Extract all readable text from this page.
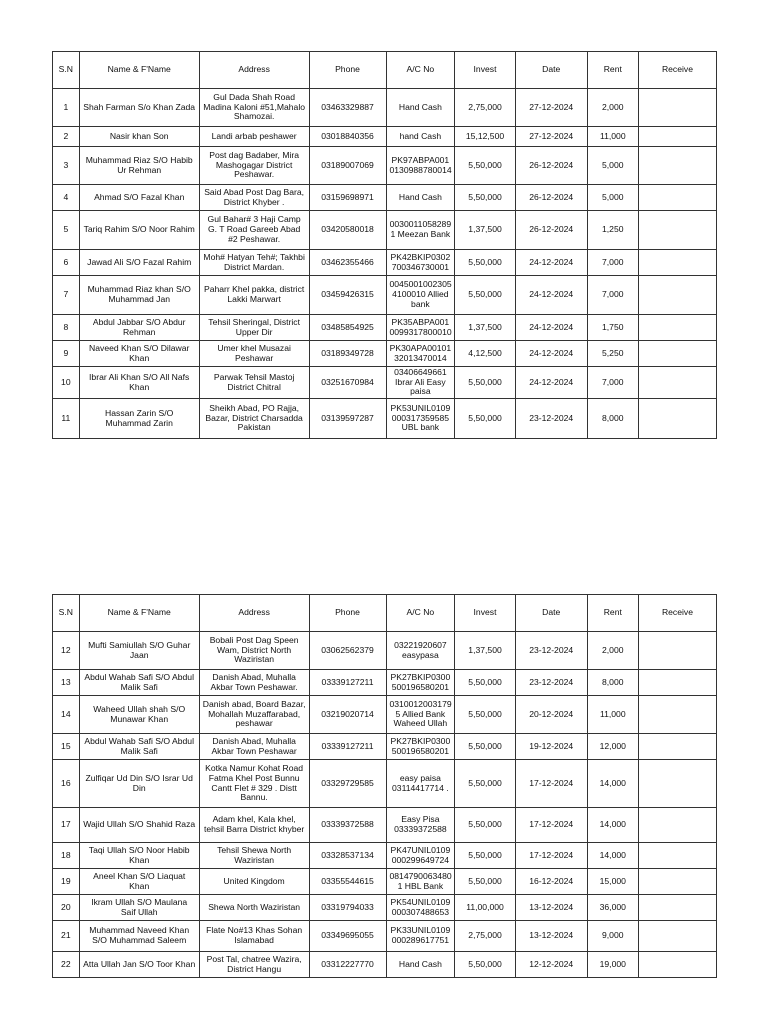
S.N	Name & F'Name	Address	Phone	A/C No	Invest	Date	Rent	Receive
1	Shah Farman S/o Khan Zada	Gul Dada Shah Road Madina Kaloni #51,Mahalo Shamozai.	03463329887	Hand Cash	2,75,000	27-12-2024	2,000	
2	Nasir khan Son	Landi arbab peshawer	03018840356	hand Cash	15,12,500	27-12-2024	11,000	
3	Muhammad Riaz S/O Habib Ur Rehman	Post dag Badaber, Mira Mashogagar District Peshawar.	03189007069	PK97ABPA001 0130988780014	5,50,000	26-12-2024	5,000	
4	Ahmad S/O Fazal Khan	Said Abad Post Dag Bara, District Khyber .	03159698971	Hand Cash	5,50,000	26-12-2024	5,000	
5	Tariq Rahim S/O Noor Rahim	Gul Bahar# 3 Haji Camp G. T Road Gareeb Abad #2 Peshawar.	03420580018	0030011058289 1 Meezan Bank	1,37,500	26-12-2024	1,250	
6	Jawad Ali S/O Fazal Rahim	Moh# Hatyan Teh#; Takhbi District Mardan.	03462355466	PK42BKIP0302 700346730001	5,50,000	24-12-2024	7,000	
7	Muhammad Riaz khan S/O Muhammad Jan	Paharr Khel pakka, district Lakki Marwart	03459426315	0045001002305 4100010 Allied bank	5,50,000	24-12-2024	7,000	
8	Abdul Jabbar S/O Abdur Rehman	Tehsil Sheringal, District Upper Dir	03485854925	PK35ABPA001 0099317800010	1,37,500	24-12-2024	1,750	
9	Naveed Khan S/O Dilawar Khan	Umer khel Musazai Peshawar	03189349728	PK30APA00101 32013470014	4,12,500	24-12-2024	5,250	
10	Ibrar Ali Khan S/O All Nafs Khan	Parwak Tehsil Mastoj District Chitral	03251670984	03406649661 Ibrar Ali Easy paisa	5,50,000	24-12-2024	7,000	
11	Hassan Zarin S/O Muhammad Zarin	Sheikh Abad, PO Rajja, Bazar, District Charsadda Pakistan	03139597287	PK53UNIL0109 000317359585 UBL bank	5,50,000	23-12-2024	8,000	
S.N	Name & F'Name	Address	Phone	A/C No	Invest	Date	Rent	Receive
12	Mufti Samiullah S/O Guhar Jaan	Bobali Post Dag Speen Wam, District North Waziristan	03062562379	03221920607 easypasa	1,37,500	23-12-2024	2,000	
13	Abdul Wahab Safi S/O Abdul Malik Safi	Danish Abad, Muhalla Akbar Town Peshawar.	03339127211	PK27BKIP0300 500196580201	5,50,000	23-12-2024	8,000	
14	Waheed Ullah shah S/O Munawar Khan	Danish abad, Board Bazar, Mohallah Muzaffarabad, peshawar	03219020714	0310012003179 5 Allied Bank Waheed Ullah	5,50,000	20-12-2024	11,000	
15	Abdul Wahab Safi S/O Abdul Malik Safi	Danish Abad, Muhalla Akbar Town Peshawar	03339127211	PK27BKIP0300 500196580201	5,50,000	19-12-2024	12,000	
16	Zulfiqar Ud Din S/O Israr Ud Din	Kotka Namur Kohat Road Fatma Khel Post Bunnu Cantt Flet # 329 . Distt Bannu.	03329729585	easy paisa 03114417714 .	5,50,000	17-12-2024	14,000	
17	Wajid Ullah S/O Shahid Raza	Adam khel, Kala khel, tehsil Barra District khyber	03339372588	Easy Pisa 03339372588	5,50,000	17-12-2024	14,000	
18	Taqi Ullah S/O Noor Habib Khan	Tehsil Shewa North Waziristan	03328537134	PK47UNIL0109 000299649724	5,50,000	17-12-2024	14,000	
19	Aneel Khan S/O Liaquat Khan	United Kingdom	03355544615	0814790063480 1 HBL Bank	5,50,000	16-12-2024	15,000	
20	Ikram Ullah S/O Maulana Saif Ullah	Shewa North Waziristan	03319794033	PK54UNIL0109 000307488653	11,00,000	13-12-2024	36,000	
21	Muhammad Naveed Khan S/O Muhammad Saleem	Flate No#13 Khas Sohan Islamabad	03349695055	PK33UNIL0109 000289617751	2,75,000	13-12-2024	9,000	
22	Atta Ullah Jan S/O Toor Khan	Post Tal, chatree Wazira, District Hangu	03312227770	Hand Cash	5,50,000	12-12-2024	19,000	
